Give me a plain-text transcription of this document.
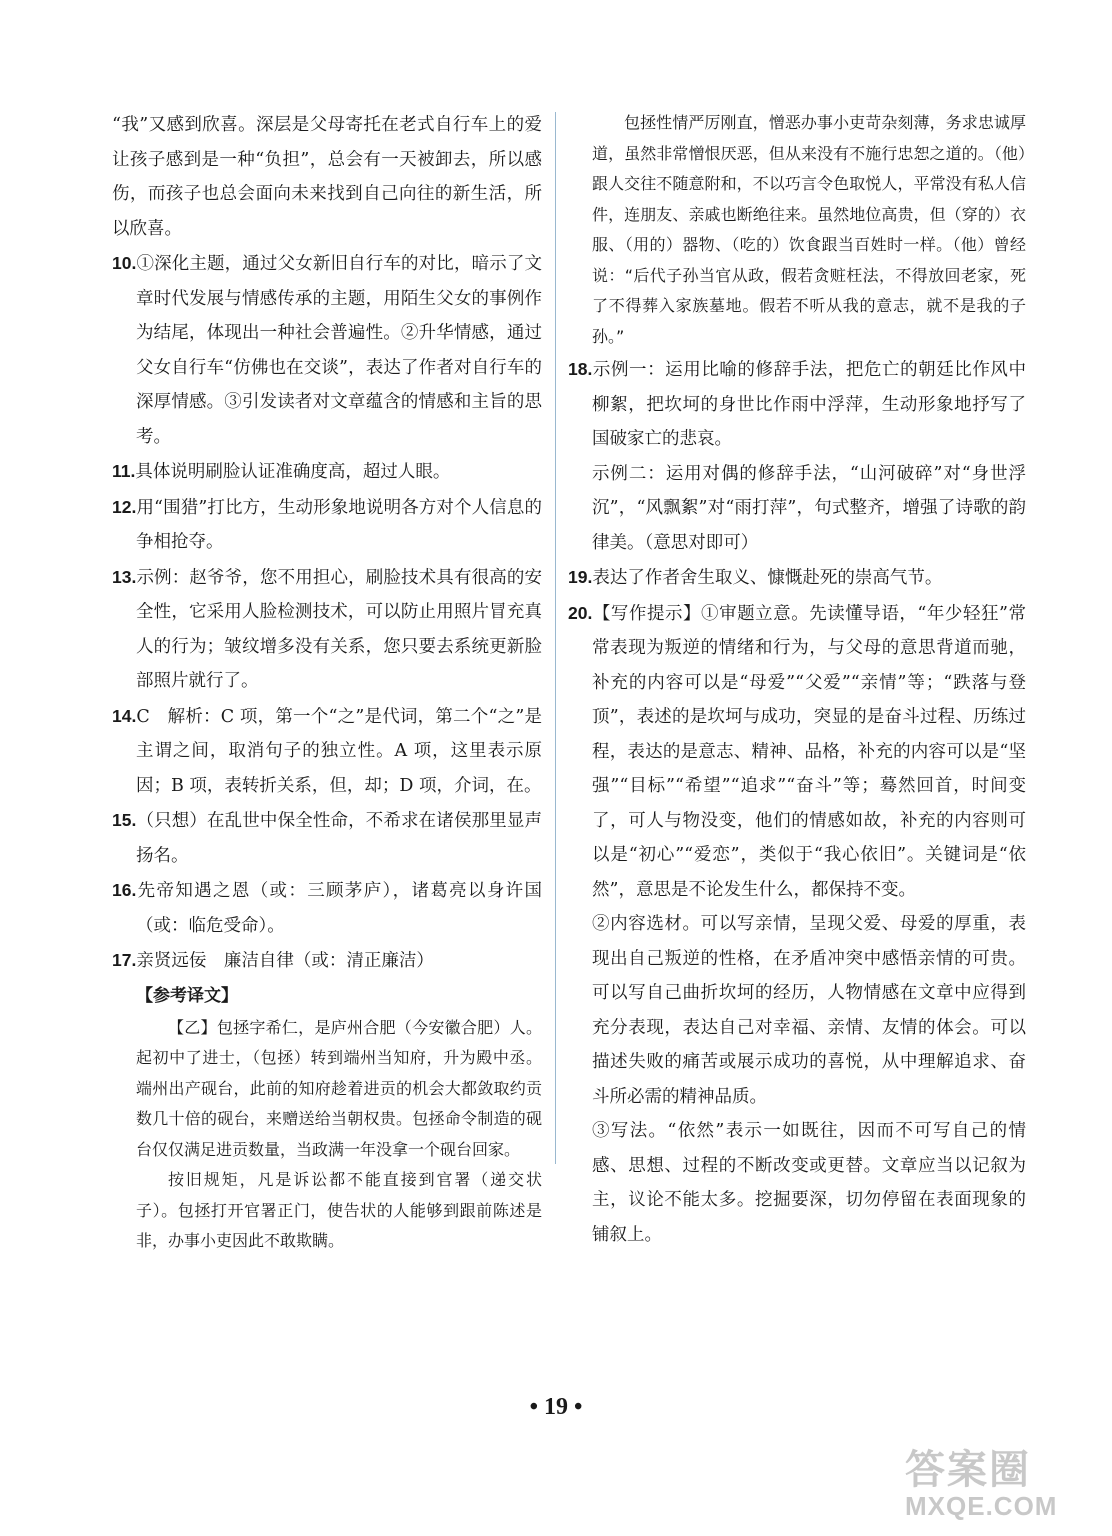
“我”又感到欣喜。深层是父母寄托在老式自行车上的爱让孩子感到是一种“负担”，总会有一天被卸去，所以感伤，而孩子也总会面向未来找到自己向往的新生活，所以欣喜。
10.①深化主题，通过父女新旧自行车的对比，暗示了文章时代发展与情感传承的主题，用陌生父女的事例作为结尾，体现出一种社会普遍性。②升华情感，通过父女自行车“仿佛也在交谈”，表达了作者对自行车的深厚情感。③引发读者对文章蕴含的情感和主旨的思考。
11.具体说明刷脸认证准确度高，超过人眼。
12.用“围猎”打比方，生动形象地说明各方对个人信息的争相抢夺。
13.示例：赵爷爷，您不用担心，刷脸技术具有很高的安全性，它采用人脸检测技术，可以防止用照片冒充真人的行为；皱纹增多没有关系，您只要去系统更新脸部照片就行了。
14.C　解析：C 项，第一个“之”是代词，第二个“之”是主谓之间，取消句子的独立性。A 项，这里表示原因；B 项，表转折关系，但，却；D 项，介词，在。
15.（只想）在乱世中保全性命，不希求在诸侯那里显声扬名。
16.先帝知遇之恩（或：三顾茅庐），诸葛亮以身许国（或：临危受命）。
17.亲贤远佞　廉洁自律（或：清正廉洁）
【参考译文】
【乙】包拯字希仁，是庐州合肥（今安徽合肥）人。起初中了进士，（包拯）转到端州当知府，升为殿中丞。端州出产砚台，此前的知府趁着进贡的机会大都敛取约贡数几十倍的砚台，来赠送给当朝权贵。包拯命令制造的砚台仅仅满足进贡数量，当政满一年没拿一个砚台回家。
按旧规矩，凡是诉讼都不能直接到官署（递交状子）。包拯打开官署正门，使告状的人能够到跟前陈述是非，办事小吏因此不敢欺瞒。
包拯性情严厉刚直，憎恶办事小吏苛杂刻薄，务求忠诚厚道，虽然非常憎恨厌恶，但从来没有不施行忠恕之道的。（他）跟人交往不随意附和，不以巧言令色取悦人，平常没有私人信件，连朋友、亲戚也断绝往来。虽然地位高贵，但（穿的）衣服、（用的）器物、（吃的）饮食跟当百姓时一样。（他）曾经说：“后代子孙当官从政，假若贪赃枉法，不得放回老家，死了不得葬入家族墓地。假若不听从我的意志，就不是我的子孙。”
18.示例一：运用比喻的修辞手法，把危亡的朝廷比作风中柳絮，把坎坷的身世比作雨中浮萍，生动形象地抒写了国破家亡的悲哀。
示例二：运用对偶的修辞手法，“山河破碎”对“身世浮沉”，“风飘絮”对“雨打萍”，句式整齐，增强了诗歌的韵律美。（意思对即可）
19.表达了作者舍生取义、慷慨赴死的崇高气节。
20.【写作提示】①审题立意。先读懂导语，“年少轻狂”常常表现为叛逆的情绪和行为，与父母的意思背道而驰，补充的内容可以是“母爱”“父爱”“亲情”等；“跌落与登顶”，表述的是坎坷与成功，突显的是奋斗过程、历练过程，表达的是意志、精神、品格，补充的内容可以是“坚强”“目标”“希望”“追求”“奋斗”等；蓦然回首，时间变了，可人与物没变，他们的情感如故，补充的内容则可以是“初心”“爱恋”，类似于“我心依旧”。关键词是“依然”，意思是不论发生什么，都保持不变。
②内容选材。可以写亲情，呈现父爱、母爱的厚重，表现出自己叛逆的性格，在矛盾冲突中感悟亲情的可贵。可以写自己曲折坎坷的经历，人物情感在文章中应得到充分表现，表达自己对幸福、亲情、友情的体会。可以描述失败的痛苦或展示成功的喜悦，从中理解追求、奋斗所必需的精神品质。
③写法。“依然”表示一如既往，因而不可写自己的情感、思想、过程的不断改变或更替。文章应当以记叙为主，议论不能太多。挖掘要深，切勿停留在表面现象的铺叙上。
• 19 •
答案圈
MXQE.COM
